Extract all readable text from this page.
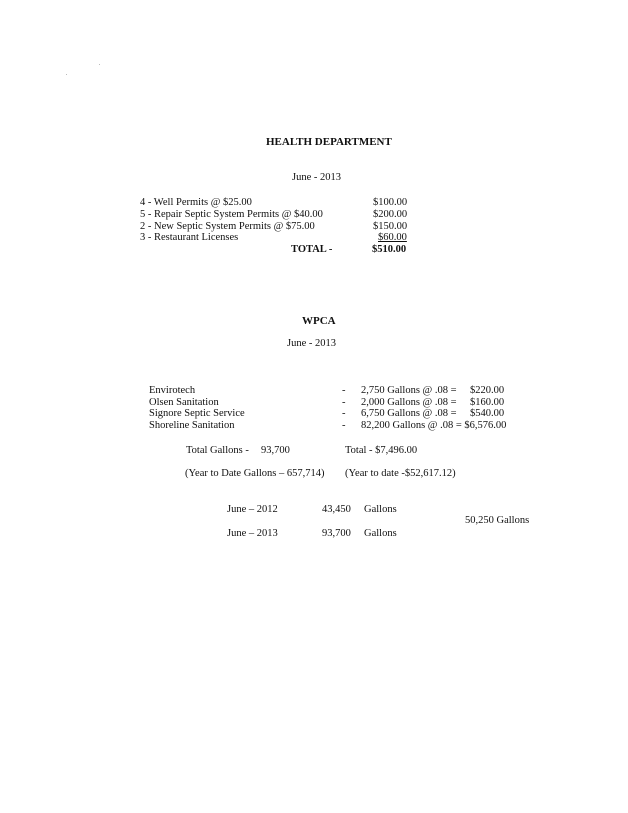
HEALTH DEPARTMENT
June - 2013
4 - Well Permits @ $25.00	$100.00
5 - Repair Septic System Permits @ $40.00	$200.00
2 - New Septic System Permits @ $75.00	$150.00
3 - Restaurant Licenses	$60.00
TOTAL -	$510.00
WPCA
June - 2013
Envirotech	- 2,750 Gallons @ .08 = $220.00
Olsen Sanitation	- 2,000 Gallons @ .08 = $160.00
Signore Septic Service	- 6,750 Gallons @ .08 = $540.00
Shoreline Sanitation	- 82,200 Gallons @ .08 = $6,576.00
Total Gallons - 93,700	Total - $7,496.00
(Year to Date Gallons – 657,714) (Year to date -$52,617.12)
June – 2012	43,450 Gallons
50,250 Gallons
June – 2013	93,700 Gallons
